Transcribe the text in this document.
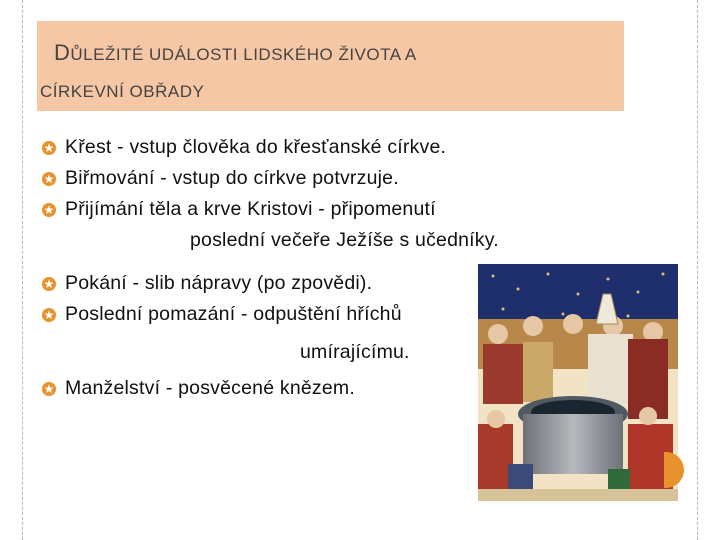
DŮLEŽITÉ UDÁLOSTI LIDSKÉHO ŽIVOTA A
CÍRKEVNÍ OBŘADY
Křest - vstup člověka do křesťanské církve.
Biřmování - vstup do církve potvrzuje.
Přijímání těla a krve Kristovi - připomenutí
poslední večeře Ježíše s učedníky.
Pokání - slib nápravy (po zpovědi).
Poslední pomazání - odpuštění hříchů
umírajícímu.
Manželství - posvěcené knězem.
